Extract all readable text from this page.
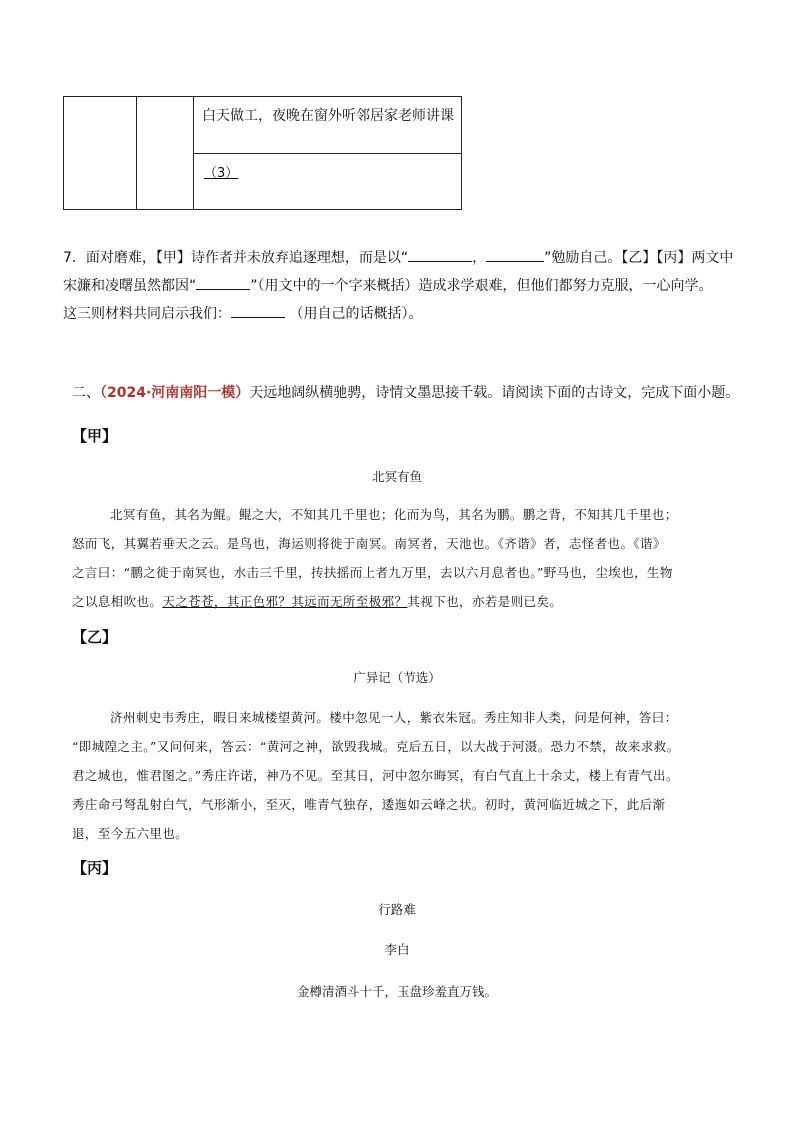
白天做工，夜晚在窗外听邻居家老师讲课
（3）
7．面对磨难，【甲】诗作者并未放弃追逐理想，而是以“	，	”勉励自己。【乙】【丙】两文中
宋濂和凌曙虽然都因“	”（用文中的一个字来概括）造成求学艰难，但他们都努力克服，一心向学。
这三则材料共同启示我们：	（用自己的话概括）。
二、（2024·河南南阳一模）天远地阔纵横驰骋，诗情文墨思接千载。请阅读下面的古诗文，完成下面小题。
【甲】
北冥有鱼
北冥有鱼，其名为鲲。鲲之大，不知其几千里也；化而为鸟，其名为鹏。鹏之背，不知其几千里也；
怒而飞，其翼若垂天之云。是鸟也，海运则将徙于南冥。南冥者，天池也。《齐谐》者，志怪者也。《谐》
之言曰：“鹏之徙于南冥也，水击三千里，抟扶摇而上者九万里，去以六月息者也。”野马也，尘埃也，生物
之以息相吹也。天之苍苍，其正色邪？其远而无所至极邪？其视下也，亦若是则已矣。
【乙】
广异记（节选）
济州刺史韦秀庄，暇日来城楼望黄河。楼中忽见一人，紫衣朱冠。秀庄知非人类，问是何神，答曰：
“即城隍之主。”又问何来，答云：“黄河之神，欲毁我城。克后五日，以大战于河滠。恐力不禁，故来求救。
君之城也，惟君图之。”秀庄许诺，神乃不见。至其日，河中忽尔晦冥，有白气直上十余丈，楼上有青气出。
秀庄命弓弩乱射白气，气形渐小，至灭，唯青气独存，逶迤如云峰之状。初时，黄河临近城之下，此后渐
退，至今五六里也。
【丙】
行路难
李白
金樽清酒斗十千，玉盘珍羞直万钱。
